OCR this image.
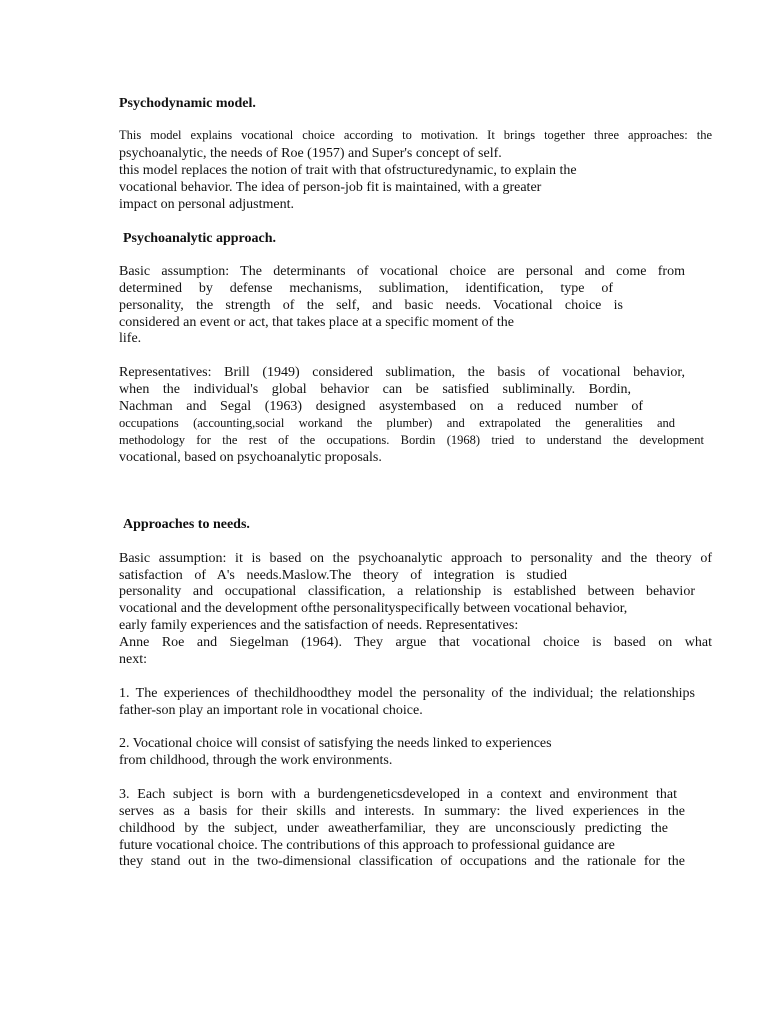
Psychodynamic model.
This model explains vocational choice according to motivation. It brings together three approaches: the
psychoanalytic, the needs of Roe (1957) and Super's concept of self.
this model replaces the notion of trait with that ofstructuredynamic, to explain the
vocational behavior. The idea of person-job fit is maintained, with a greater
impact on personal adjustment.
Psychoanalytic approach.
Basic assumption: The determinants of vocational choice are personal and come from
determined by defense mechanisms, sublimation, identification, type of
personality, the strength of the self, and basic needs. Vocational choice is
considered an event or act, that takes place at a specific moment of the
life.
Representatives: Brill (1949) considered sublimation, the basis of vocational behavior,
when the individual's global behavior can be satisfied subliminally. Bordin,
Nachman and Segal (1963) designed asystembased on a reduced number of
occupations (accounting,social workand the plumber) and extrapolated the generalities and
methodology for the rest of the occupations. Bordin (1968) tried to understand the development
vocational, based on psychoanalytic proposals.
Approaches to needs.
Basic assumption: it is based on the psychoanalytic approach to personality and the theory of
satisfaction of A's needs.Maslow.The theory of integration is studied
personality and occupational classification, a relationship is established between behavior
vocational and the development ofthe personalityspecifically between vocational behavior,
early family experiences and the satisfaction of needs. Representatives:
Anne Roe and Siegelman (1964). They argue that vocational choice is based on what
next:
1. The experiences of thechildhoodthey model the personality of the individual; the relationships
father-son play an important role in vocational choice.
2. Vocational choice will consist of satisfying the needs linked to experiences
from childhood, through the work environments.
3. Each subject is born with a burdengeneticsdeveloped in a context and environment that
serves as a basis for their skills and interests. In summary: the lived experiences in the
childhood by the subject, under aweatherfamiliar, they are unconsciously predicting the
future vocational choice. The contributions of this approach to professional guidance are
they stand out in the two-dimensional classification of occupations and the rationale for the
